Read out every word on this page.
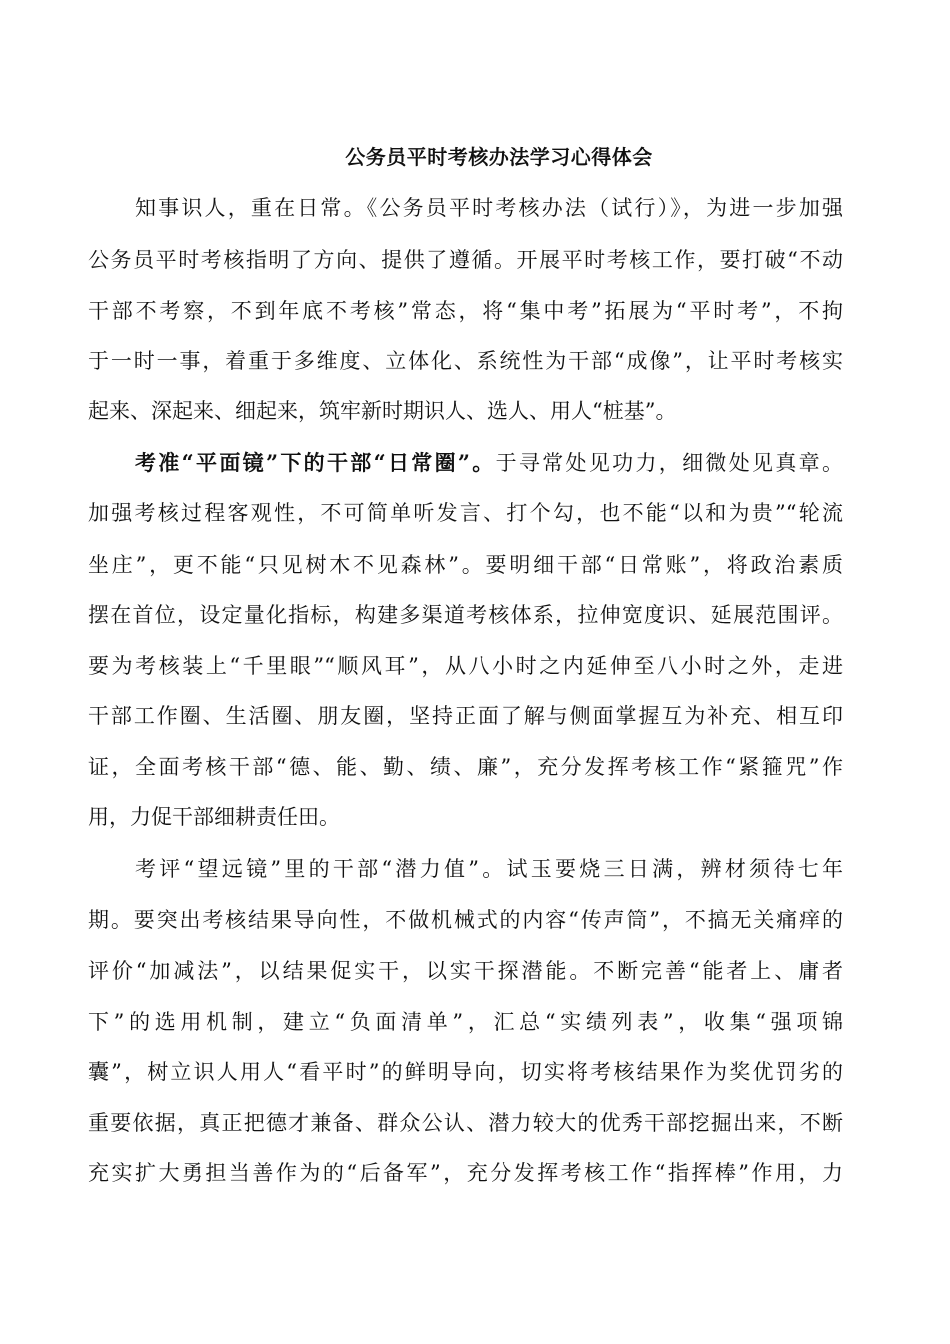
公务员平时考核办法学习心得体会
知事识人，重在日常。《公务员平时考核办法（试行）》，为进一步加强
公务员平时考核指明了方向、提供了遵循。开展平时考核工作，要打破“不动
干部不考察，不到年底不考核”常态，将“集中考”拓展为“平时考”，不拘
于一时一事，着重于多维度、立体化、系统性为干部“成像”，让平时考核实
起来、深起来、细起来，筑牢新时期识人、选人、用人“桩基”。
考准“平面镜”下的干部“日常圈”。于寻常处见功力，细微处见真章。
加强考核过程客观性，不可简单听发言、打个勾，也不能“以和为贵”“轮流
坐庄”，更不能“只见树木不见森林”。要明细干部“日常账”，将政治素质
摆在首位，设定量化指标，构建多渠道考核体系，拉伸宽度识、延展范围评。
要为考核装上“千里眼”“顺风耳”，从八小时之内延伸至八小时之外，走进
干部工作圈、生活圈、朋友圈，坚持正面了解与侧面掌握互为补充、相互印
证，全面考核干部“德、能、勤、绩、廉”，充分发挥考核工作“紧箍咒”作
用，力促干部细耕责任田。
考评“望远镜”里的干部“潜力值”。试玉要烧三日满，辨材须待七年
期。要突出考核结果导向性，不做机械式的内容“传声筒”，不搞无关痛痒的
评价“加减法”，以结果促实干，以实干探潜能。不断完善“能者上、庸者
下”的选用机制，建立“负面清单”，汇总“实绩列表”，收集“强项锦
囊”，树立识人用人“看平时”的鲜明导向，切实将考核结果作为奖优罚劣的
重要依据，真正把德才兼备、群众公认、潜力较大的优秀干部挖掘出来，不断
充实扩大勇担当善作为的“后备军”，充分发挥考核工作“指挥棒”作用，力
